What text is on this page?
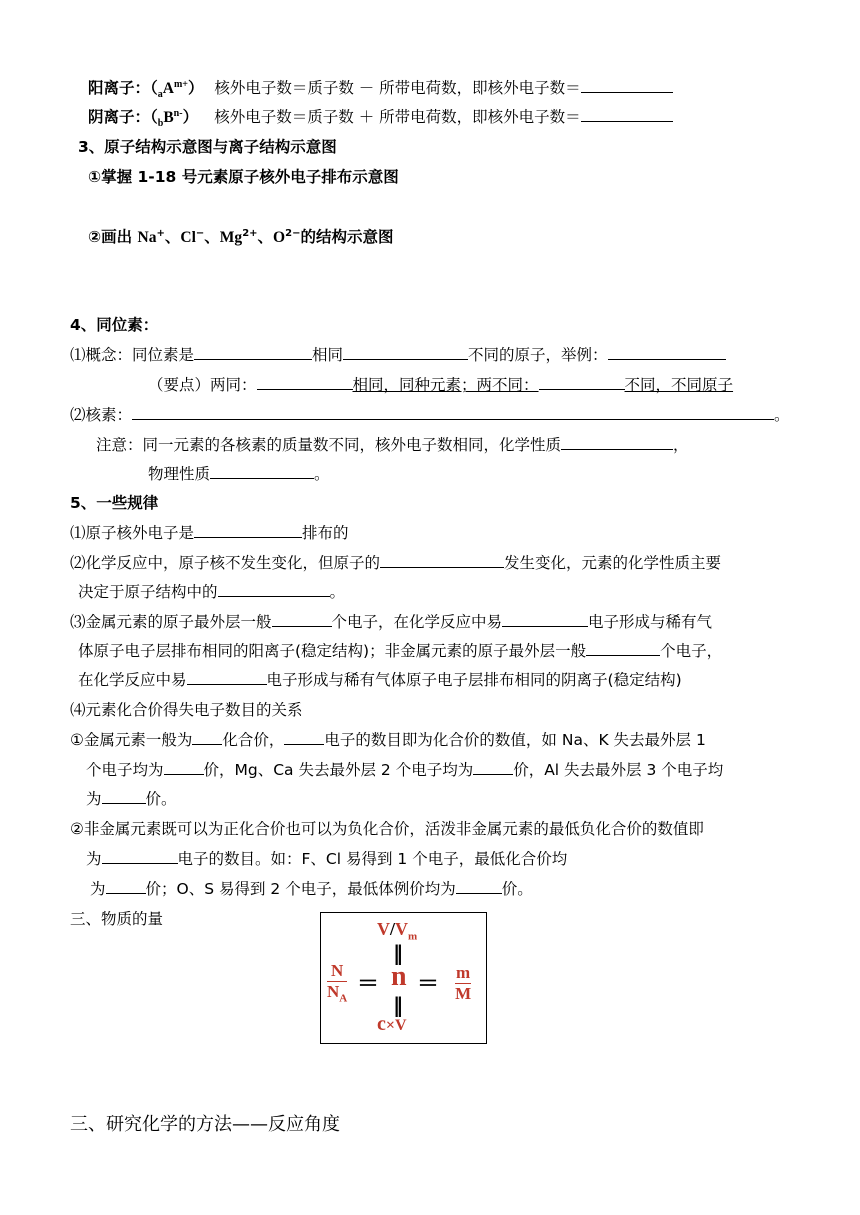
阳离子：$(_aA^{m+})$ 核外电子数＝质子数 － 所带电荷数，即核外电子数＝
阴离子：$(_bB^{n-})$ 核外电子数＝质子数 ＋ 所带电荷数，即核外电子数＝
3、原子结构示意图与离子结构示意图
①掌握 1-18 号元素原子核外电子排布示意图
②画出 Na+、Cl−、$Mg^{2+}$、$O^{2-}$的结构示意图
4、同位素：
⑴概念：同位素是	相同	不同的原子，举例：
（要点）两同：	相同，同种元素；两不同：	不同，不同原子
⑵核素：	。
注意：同一元素的各核素的质量数不同，核外电子数相同，化学性质	，
物理性质	。
5、一些规律
⑴原子核外电子是	排布的
⑵化学反应中，原子核不发生变化，但原子的	发生变化，元素的化学性质主要
决定于原子结构中的	。
⑶金属元素的原子最外层一般	个电子，在化学反应中易	电子形成与稀有气
体原子电子层排布相同的阳离子(稳定结构)；非金属元素的原子最外层一般	个电子，
在化学反应中易	电子形成与稀有气体原子电子层排布相同的阴离子(稳定结构)
⑷元素化合价得失电子数目的关系
①金属元素一般为 化合价，	电子的数目即为化合价的数值，如 Na、K 失去最外层 1
个电子均为	价，Mg、Ca 失去最外层 2 个电子均为	价，Al 失去最外层 3 个电子均
为	价。
②非金属元素既可以为正化合价也可以为负化合价，活泼非金属元素的最低负化合价的数值即
为	电子的数目。如：F、Cl 易得到 1 个电子，最低化合价均
为	价；O、S 易得到 2 个电子，最低体例价均为	价。
三、物质的量	$V/V_m$
‖
N
$N_A$
＝ n ＝ m
M
‖
c×V
三、研究化学的方法——反应角度
